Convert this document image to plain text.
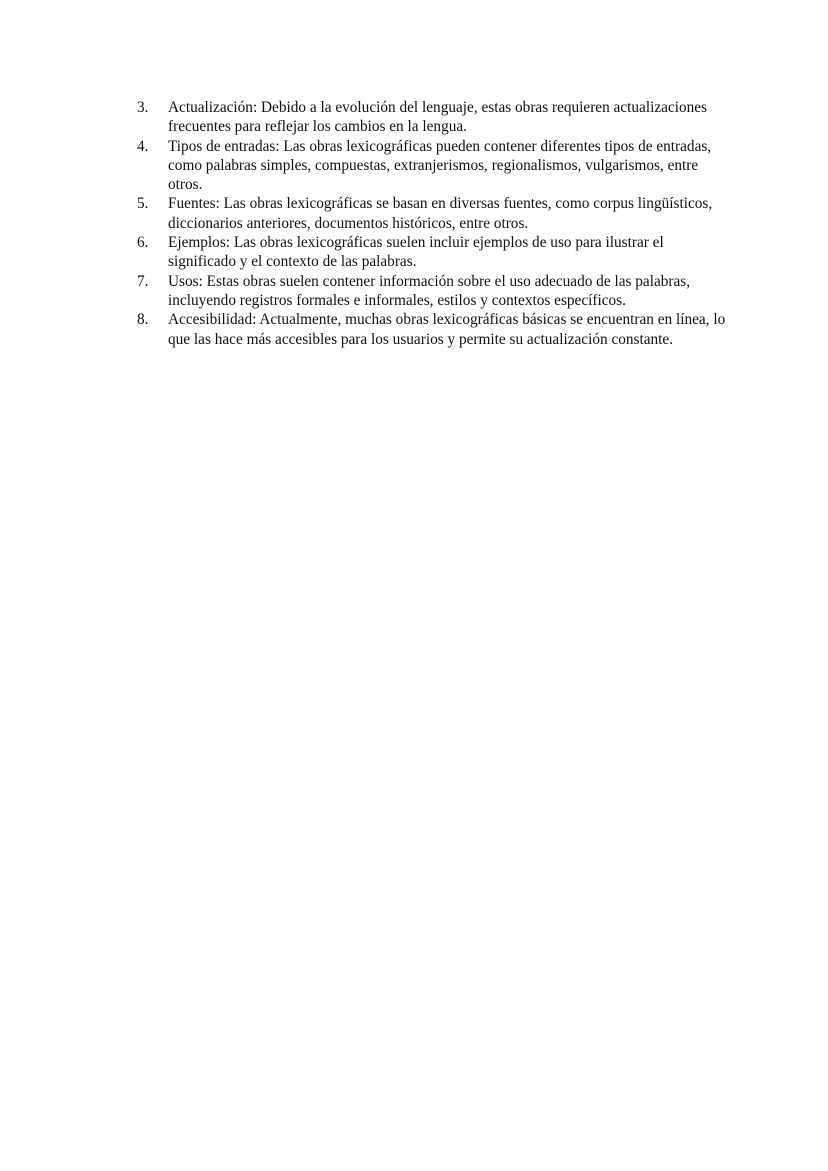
3.	Actualización: Debido a la evolución del lenguaje, estas obras requieren actualizaciones frecuentes para reflejar los cambios en la lengua.
4.	Tipos de entradas: Las obras lexicográficas pueden contener diferentes tipos de entradas, como palabras simples, compuestas, extranjerismos, regionalismos, vulgarismos, entre otros.
5.	Fuentes: Las obras lexicográficas se basan en diversas fuentes, como corpus lingüísticos, diccionarios anteriores, documentos históricos, entre otros.
6.	Ejemplos: Las obras lexicográficas suelen incluir ejemplos de uso para ilustrar el significado y el contexto de las palabras.
7.	Usos: Estas obras suelen contener información sobre el uso adecuado de las palabras, incluyendo registros formales e informales, estilos y contextos específicos.
8.	Accesibilidad: Actualmente, muchas obras lexicográficas básicas se encuentran en línea, lo que las hace más accesibles para los usuarios y permite su actualización constante.
